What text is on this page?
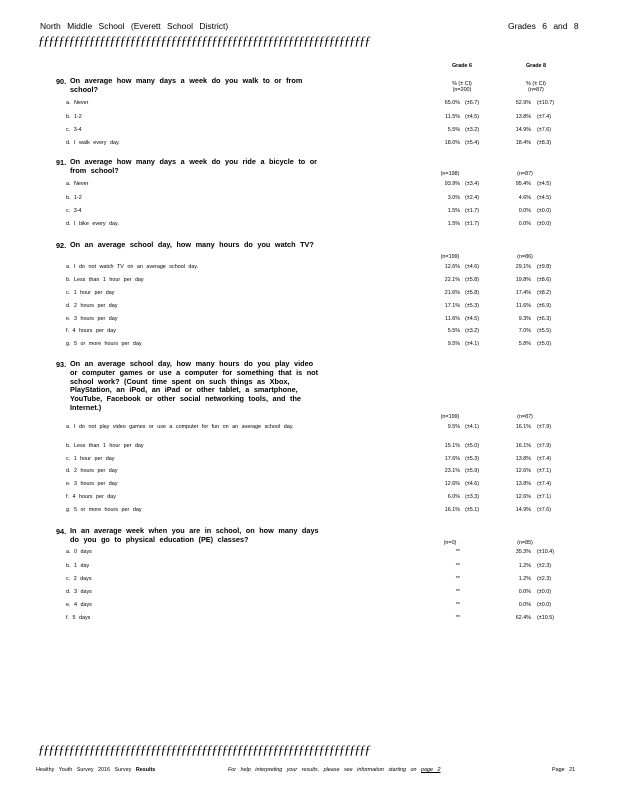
North Middle School (Everett School District)	Grades 6 and 8
ƒƒƒƒƒƒƒƒƒƒƒƒƒƒƒƒƒƒƒƒƒƒƒƒƒƒƒƒƒƒƒƒƒƒƒƒƒƒƒƒƒƒƒƒƒƒƒƒƒƒƒƒƒƒƒƒƒƒƒƒƒƒƒƒƒ
Grade 6	Grade 8
% (± CI)
(n=200)
% (± CI)
(n=87)
90. On average how many days a week do you walk to or from school?
a. Never	65.0% (±6.7)	52.9% (±10.7)
b. 1-2	11.5% (±4.5)	13.8% (±7.4)
c. 3-4	5.5% (±3.2)	14.9% (±7.6)
d. I walk every day.	18.0% (±5.4)	18.4% (±8.3)
91. On average how many days a week do you ride a bicycle to or from school?	(n=198)	(n=87)
a. Never	93.9% (±3.4)	95.4% (±4.5)
b. 1-2	3.0% (±2.4)	4.6% (±4.5)
c. 3-4	1.5% (±1.7)	0.0% (±0.0)
d. I bike every day.	1.5% (±1.7)	0.0% (±0.0)
92. On an average school day, how many hours do you watch TV?
(n=199)	(n=86)
a. I do not watch TV on an average school day.	12.6% (±4.6)	29.1% (±9.8)
b. Less than 1 hour per day	22.1% (±5.8)	19.8% (±8.6)
c. 1 hour per day	21.6% (±5.8)	17.4% (±8.2)
d. 2 hours per day	17.1% (±5.3)	11.6% (±6.9)
e. 3 hours per day	11.6% (±4.5)	9.3% (±6.3)
f. 4 hours per day	5.5% (±3.2)	7.0% (±5.5)
g. 5 or more hours per day	9.5% (±4.1)	5.8% (±5.0)
93. On an average school day, how many hours do you play video or computer games or use a computer for something that is not school work? (Count time spent on such things as Xbox, PlayStation, an iPod, an iPad or other tablet, a smartphone, YouTube, Facebook or other social networking tools, and the Internet.)
(n=199)	(n=87)
a. I do not play video games or use a computer for fun on an average school day.	9.5% (±4.1)	16.1% (±7.9)
b. Less than 1 hour per day	15.1% (±5.0)	16.1% (±7.9)
c. 1 hour per day	17.6% (±5.3)	13.8% (±7.4)
d. 2 hours per day	23.1% (±5.9)	12.6% (±7.1)
e. 3 hours per day	12.6% (±4.6)	13.8% (±7.4)
f. 4 hours per day	6.0% (±3.3)	12.6% (±7.1)
g. 5 or more hours per day	16.1% (±5.1)	14.9% (±7.6)
94. In an average week when you are in school, on how many days do you go to physical education (PE) classes?	(n=0)	(n=85)
a. 0 days	**	35.3% (±10.4)
b. 1 day	**	1.2% (±2.3)
c. 2 days	**	1.2% (±2.3)
d. 3 days	**	0.0% (±0.0)
e. 4 days	**	0.0% (±0.0)
f. 5 days	**	62.4% (±10.5)
ƒƒƒƒƒƒƒƒƒƒƒƒƒƒƒƒƒƒƒƒƒƒƒƒƒƒƒƒƒƒƒƒƒƒƒƒƒƒƒƒƒƒƒƒƒƒƒƒƒƒƒƒƒƒƒƒƒƒƒƒƒƒƒƒƒ
Healthy Youth Survey 2016 Survey Results	For help interpreting your results, please see information starting on page 2	Page 21
